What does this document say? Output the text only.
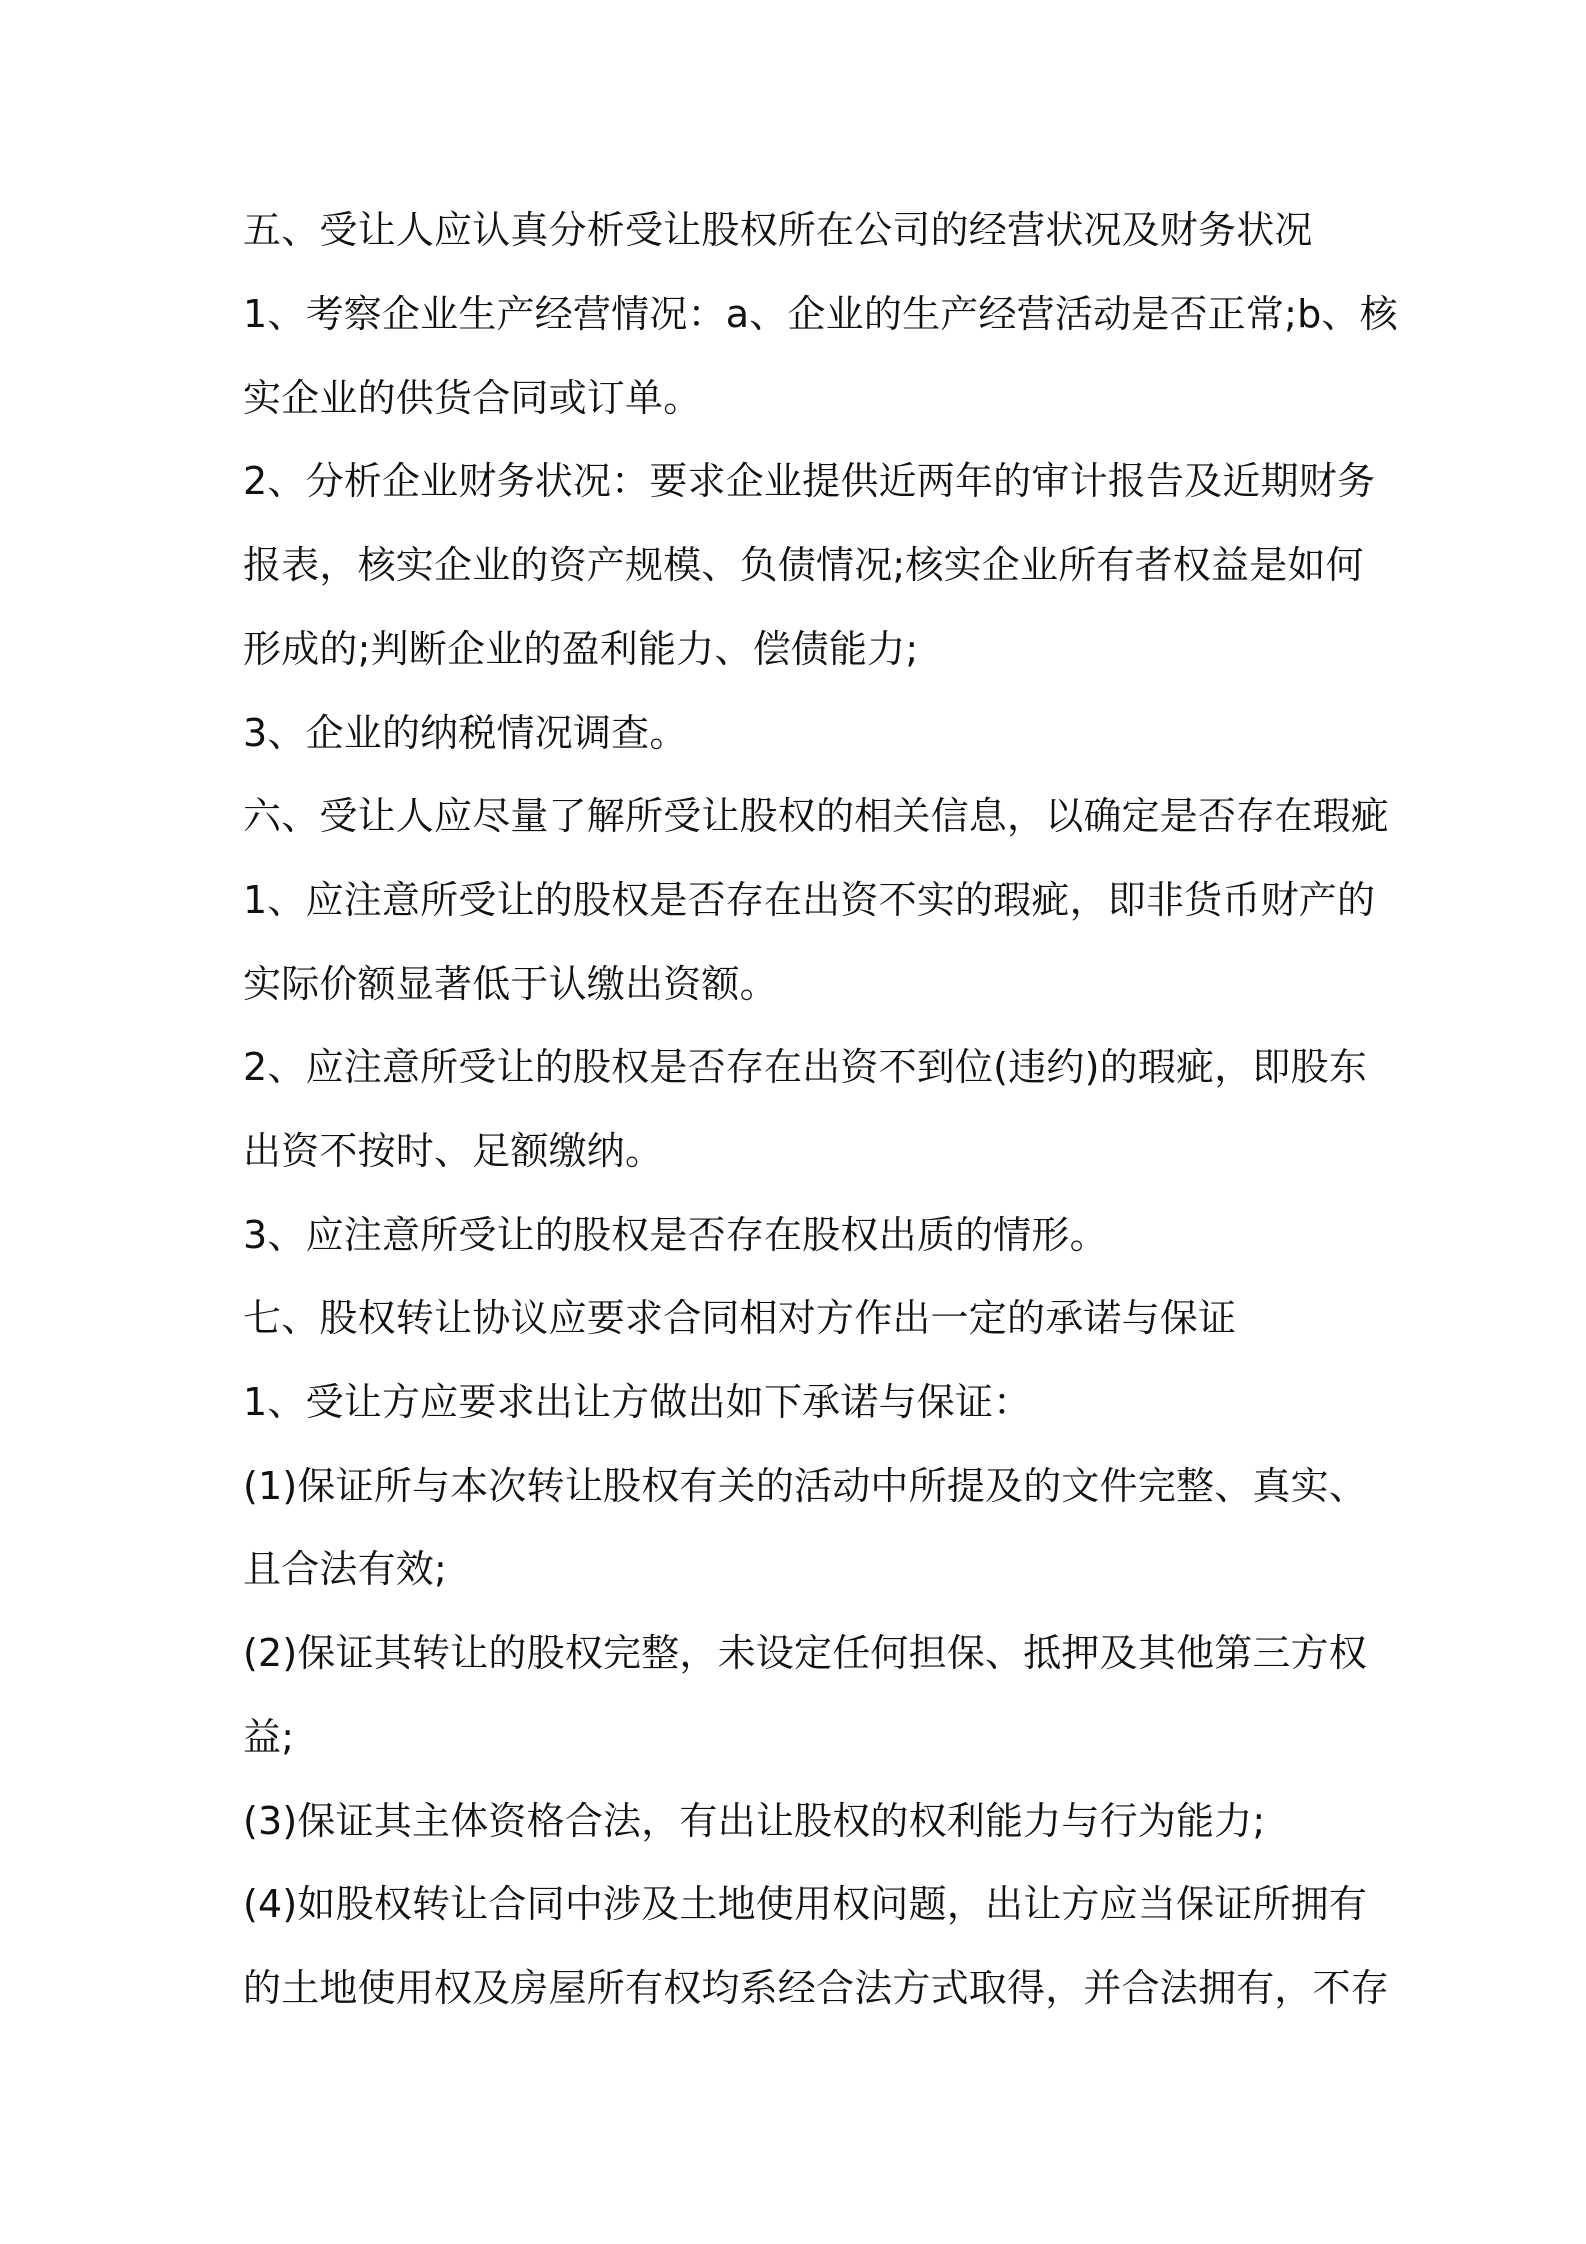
五、受让人应认真分析受让股权所在公司的经营状况及财务状况
1、考察企业生产经营情况：a、企业的生产经营活动是否正常;b、核
实企业的供货合同或订单。
2、分析企业财务状况：要求企业提供近两年的审计报告及近期财务
报表，核实企业的资产规模、负债情况;核实企业所有者权益是如何
形成的;判断企业的盈利能力、偿债能力;
3、企业的纳税情况调查。
六、受让人应尽量了解所受让股权的相关信息，以确定是否存在瑕疵
1、应注意所受让的股权是否存在出资不实的瑕疵，即非货币财产的
实际价额显著低于认缴出资额。
2、应注意所受让的股权是否存在出资不到位(违约)的瑕疵，即股东
出资不按时、足额缴纳。
3、应注意所受让的股权是否存在股权出质的情形。
七、股权转让协议应要求合同相对方作出一定的承诺与保证
1、受让方应要求出让方做出如下承诺与保证：
(1)保证所与本次转让股权有关的活动中所提及的文件完整、真实、
且合法有效;
(2)保证其转让的股权完整，未设定任何担保、抵押及其他第三方权
益;
(3)保证其主体资格合法，有出让股权的权利能力与行为能力;
(4)如股权转让合同中涉及土地使用权问题，出让方应当保证所拥有
的土地使用权及房屋所有权均系经合法方式取得，并合法拥有，不存
